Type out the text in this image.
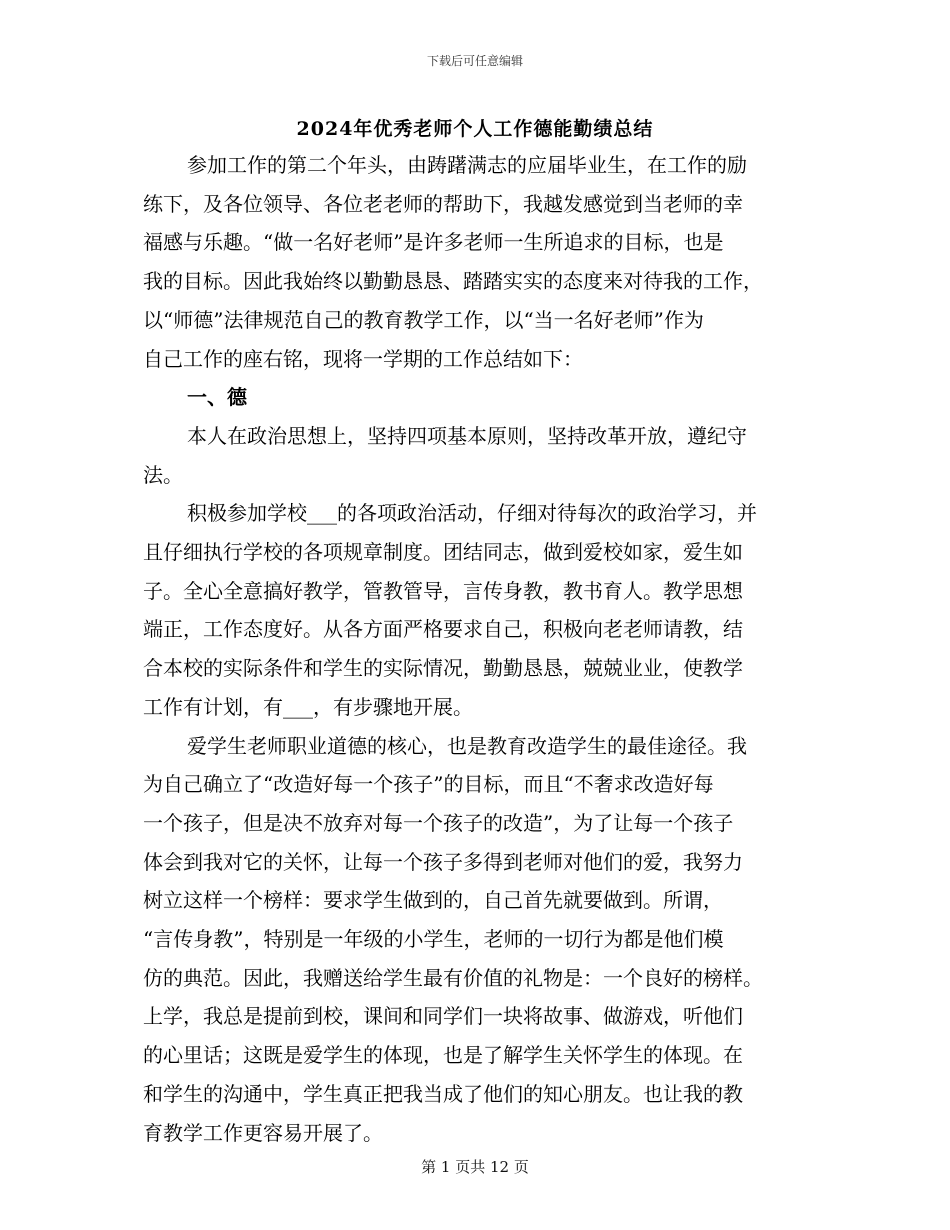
下载后可任意编辑
2024年优秀老师个人工作德能勤绩总结
参加工作的第二个年头，由踌躇满志的应届毕业生，在工作的励
练下，及各位领导、各位老老师的帮助下，我越发感觉到当老师的幸
福感与乐趣。“做一名好老师”是许多老师一生所追求的目标，也是
我的目标。因此我始终以勤勤恳恳、踏踏实实的态度来对待我的工作，
以“师德”法律规范自己的教育教学工作，以“当一名好老师”作为
自己工作的座右铭，现将一学期的工作总结如下：
一、德
本人在政治思想上，坚持四项基本原则，坚持改革开放，遵纪守
法。
积极参加学校___的各项政治活动，仔细对待每次的政治学习，并
且仔细执行学校的各项规章制度。团结同志，做到爱校如家，爱生如
子。全心全意搞好教学，管教管导，言传身教，教书育人。教学思想
端正，工作态度好。从各方面严格要求自己，积极向老老师请教，结
合本校的实际条件和学生的实际情况，勤勤恳恳，兢兢业业，使教学
工作有计划，有___，有步骤地开展。
爱学生老师职业道德的核心，也是教育改造学生的最佳途径。我
为自己确立了“改造好每一个孩子”的目标，而且“不奢求改造好每
一个孩子，但是决不放弃对每一个孩子的改造”，为了让每一个孩子
体会到我对它的关怀，让每一个孩子多得到老师对他们的爱，我努力
树立这样一个榜样：要求学生做到的，自己首先就要做到。所谓，
“言传身教”，特别是一年级的小学生，老师的一切行为都是他们模
仿的典范。因此，我赠送给学生最有价值的礼物是：一个良好的榜样。
上学，我总是提前到校，课间和同学们一块将故事、做游戏，听他们
的心里话；这既是爱学生的体现，也是了解学生关怀学生的体现。在
和学生的沟通中，学生真正把我当成了他们的知心朋友。也让我的教
育教学工作更容易开展了。
第 1 页共 12 页
